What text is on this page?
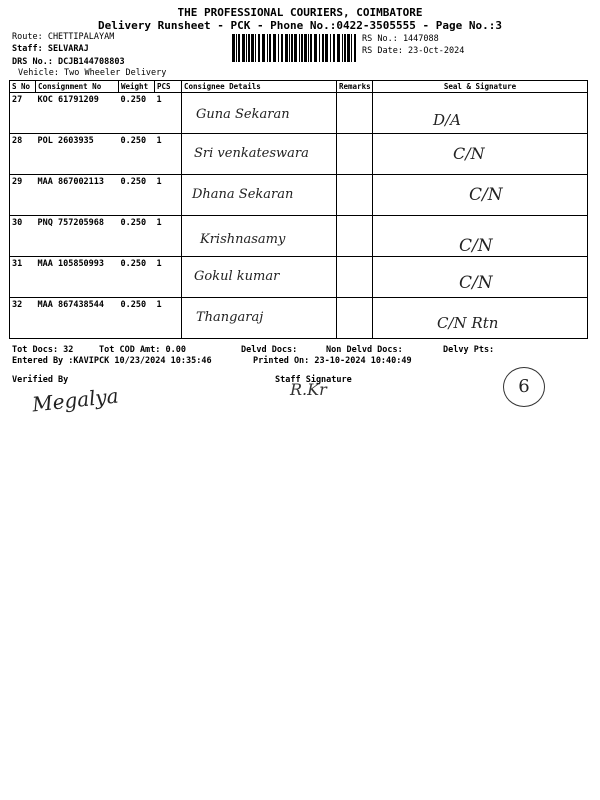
THE PROFESSIONAL COURIERS, COIMBATORE
Delivery Runsheet - PCK - Phone No.:0422-3505555 - Page No.:3
Route: CHETTIPALAYAM
Staff: SELVARAJ
DRS No.: DCJB144708803
Vehicle: Two Wheeler Delivery
RS No.: 1447088
RS Date: 23-Oct-2024
S No	Consignment No	Weight	PCS	Consignee Details	Remarks	Seal & Signature
27	KOC 61791209	0.250	1	Guna Sekaran		D/A

28	POL 2603935	0.250	1	Sri venkateswara		C/N

29	MAA 867002113	0.250	1	Dhana Sekaran		C/N

30	PNQ 757205968	0.250	1	Krishnasamy		C/N

31	MAA 105850993	0.250	1	Gokul kumar		C/N

32	MAA 867438544	0.250	1	Thangaraj		C/N Rtn
Tot Docs: 32	Tot COD Amt: 0.00	Delvd Docs:	Non Delvd Docs:	Delvy Pts:
Entered By :KAVIPCK 10/23/2024 10:35:46	Printed On: 23-10-2024 10:40:49
Verified By	Staff Signature
Megalya	R.Kr	6
